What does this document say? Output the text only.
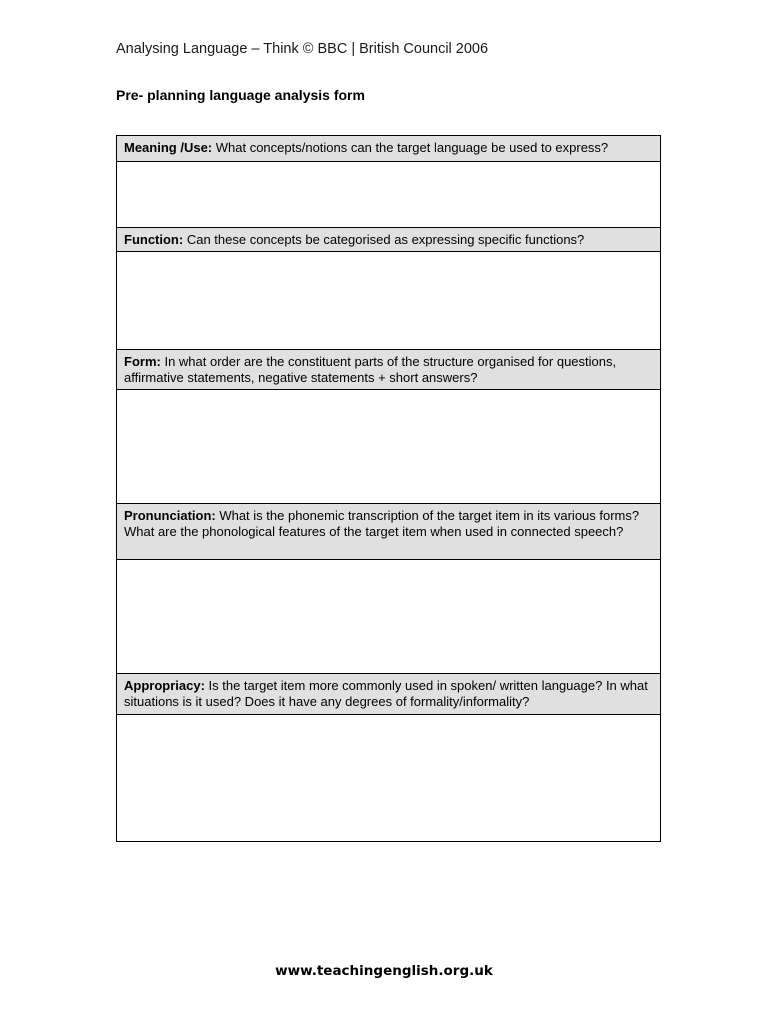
Analysing Language – Think © BBC | British Council 2006
Pre- planning language analysis form
Meaning /Use: What concepts/notions can the target language be used to express?
Function: Can these concepts be categorised as expressing specific functions?
Form: In what order are the constituent parts of the structure organised for questions, affirmative statements, negative statements + short answers?
Pronunciation: What is the phonemic transcription of the target item in its various forms? What are the phonological features of the target item when used in connected speech?
Appropriacy: Is the target item more commonly used in spoken/ written language? In what situations is it used? Does it have any degrees of formality/informality?
www.teachingenglish.org.uk
